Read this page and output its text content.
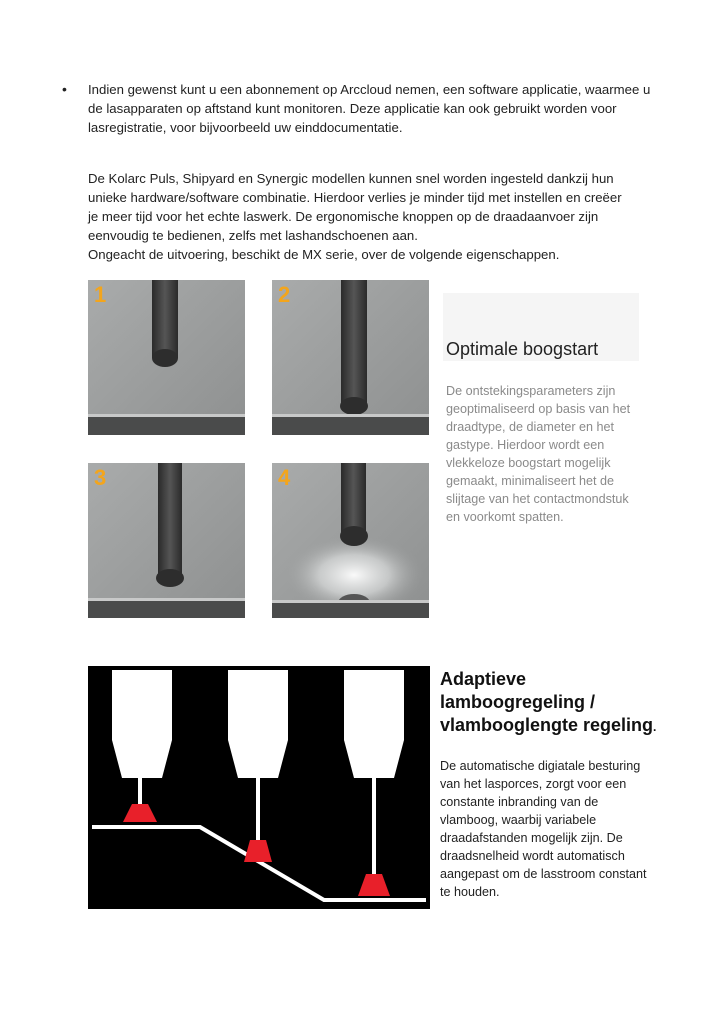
• Indien gewenst kunt u een abonnement op Arccloud nemen, een software applicatie, waarmee u de lasapparaten op aftstand kunt monitoren. Deze applicatie kan ook gebruikt worden voor lasregistratie, voor bijvoorbeeld uw einddocumentatie.

De Kolarc Puls, Shipyard en Synergic modellen kunnen snel worden ingesteld dankzij hun

unieke hardware/software combinatie. Hierdoor verlies je minder tijd met instellen en creëer

je meer tijd voor het echte laswerk. De ergonomische knoppen op de draadaanvoer zijn

eenvoudig te bedienen, zelfs met lashandschoenen aan.

Ongeacht de uitvoering, beschikt de MX serie, over de volgende eigenschappen.

1	2
3	4
Optimale boogstart

De ontstekingsparameters zijn geoptimaliseerd op basis van het draadtype, de diameter en het gastype. Hierdoor wordt een vlekkeloze boogstart mogelijk gemaakt, minimaliseert het de slijtage van het contactmondstuk en voorkomt spatten.

Adaptieve lamboogregeling / vlambooglengte regeling.

De automatische digiatale besturing van het lasporces, zorgt voor een constante inbranding van de vlamboog, waarbij variabele draadafstanden mogelijk zijn. De draadsnelheid wordt automatisch aangepast om de lasstroom constant te houden.
